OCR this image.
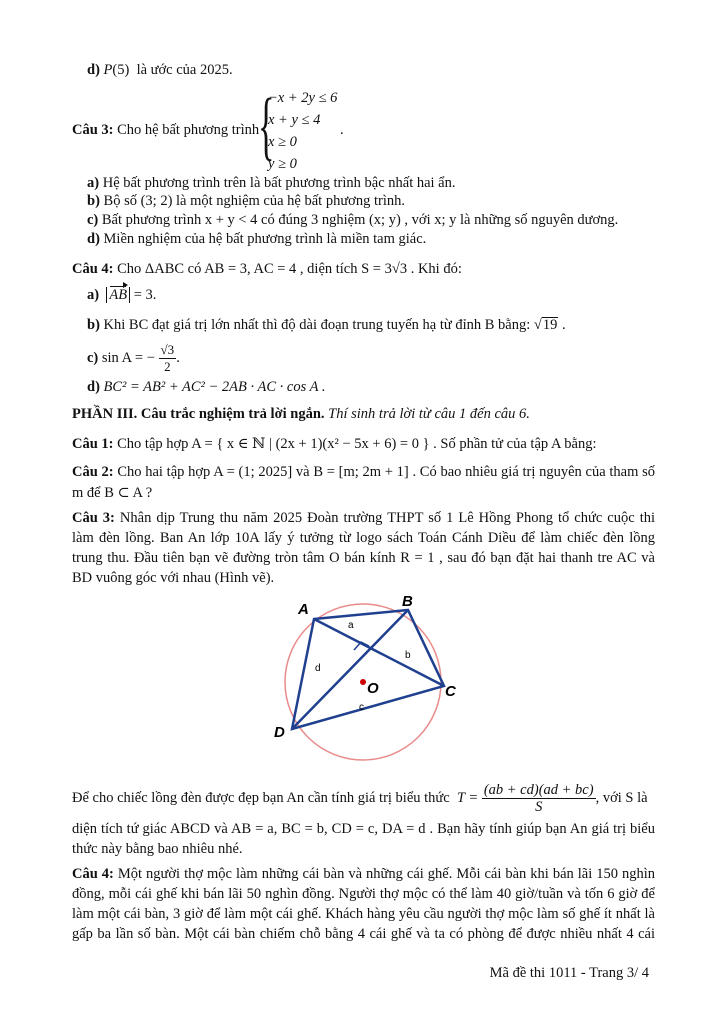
d) P(5)  là ước của 2025.
Câu 3: Cho hệ bất phương trình
{
−x + 2y ≤ 6
x + y ≤ 4
x ≥ 0
y ≥ 0
.
a) Hệ bất phương trình trên là bất phương trình bậc nhất hai ẩn.
b) Bộ số (3; 2) là một nghiệm của hệ bất phương trình.
c) Bất phương trình x + y < 4 có đúng 3 nghiệm (x; y) , với x; y là những số nguyên dương.
d) Miền nghiệm của hệ bất phương trình là miền tam giác.
Câu 4: Cho ΔABC có AB = 3, AC = 4 , diện tích S = 3√3 . Khi đó:
a) AB = 3.
b) Khi BC đạt giá trị lớn nhất thì độ dài đoạn trung tuyến hạ từ đỉnh B bằng: √19 .
c) sin A = − $\frac{√3}{2}$ .
d) BC² = AB² + AC² − 2AB · AC · cos A .
PHẦN III. Câu trắc nghiệm trả lời ngắn. Thí sinh trả lời từ câu 1 đến câu 6.
Câu 1: Cho tập hợp A = { x ∈ ℕ | (2x + 1)(x² − 5x + 6) = 0 } . Số phần tử của tập A bằng:
Câu 2: Cho hai tập hợp A = (1; 2025] và B = [m; 2m + 1] . Có bao nhiêu giá trị nguyên của tham số
m để B ⊂ A ?
Câu 3: Nhân dịp Trung thu năm 2025 Đoàn trường THPT số 1 Lê Hồng Phong tổ chức cuộc thi
làm đèn lồng. Ban An lớp 10A lấy ý tưởng từ logo sách Toán Cánh Diều để làm chiếc đèn lồng
trung thu. Đầu tiên bạn vẽ đường tròn tâm O bán kính R = 1 , sau đó bạn đặt hai thanh tre AC và
BD vuông góc với nhau (Hình vẽ).
A	B
C
D
O
a
b
c
d
Để cho chiếc lồng đèn được đẹp bạn An cần tính giá trị biểu thức $T = \frac{(ab + cd)(ad + bc)}{S}$ , với S là
diện tích tứ giác ABCD và AB = a, BC = b, CD = c, DA = d . Bạn hãy tính giúp bạn An giá trị biểu
thức này bằng bao nhiêu nhé.
Câu 4: Một người thợ mộc làm những cái bàn và những cái ghế. Mỗi cái bàn khi bán lãi 150 nghìn
đồng, mỗi cái ghế khi bán lãi 50 nghìn đồng. Người thợ mộc có thể làm 40 giờ/tuần và tốn 6 giờ để
làm một cái bàn, 3 giờ để làm một cái ghế. Khách hàng yêu cầu người thợ mộc làm số ghế ít nhất là
gấp ba lần số bàn. Một cái bàn chiếm chỗ bằng 4 cái ghế và ta có phòng để được nhiều nhất 4 cái
Mã đề thi 1011 - Trang 3/ 4
